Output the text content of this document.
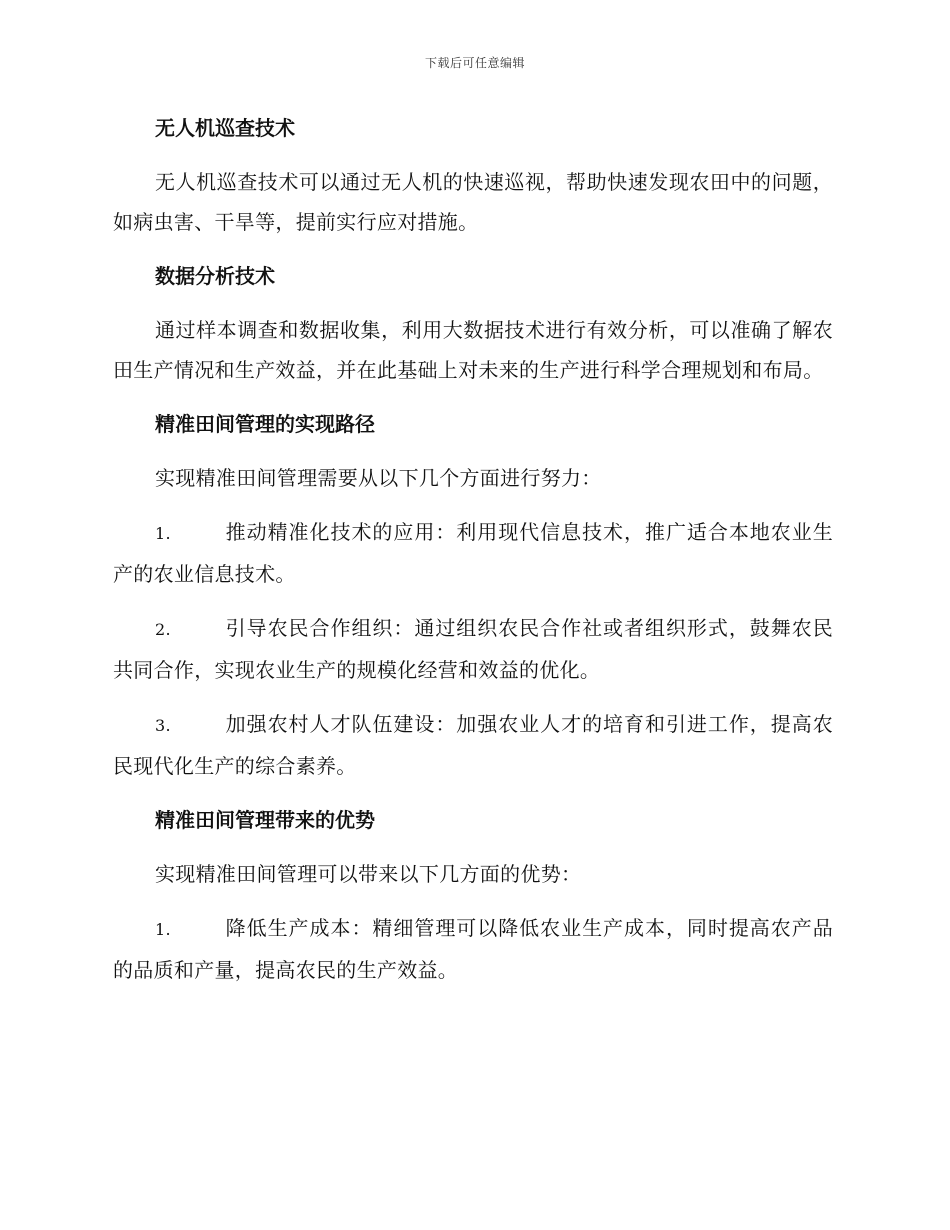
下载后可任意编辑

无人机巡查技术

无人机巡查技术可以通过无人机的快速巡视，帮助快速发现农田中的问题，如病虫害、干旱等，提前实行应对措施。

数据分析技术

通过样本调查和数据收集，利用大数据技术进行有效分析，可以准确了解农田生产情况和生产效益，并在此基础上对未来的生产进行科学合理规划和布局。

精准田间管理的实现路径

实现精准田间管理需要从以下几个方面进行努力：

1.	推动精准化技术的应用：利用现代信息技术，推广适合本地农业生产的农业信息技术。

2.	引导农民合作组织：通过组织农民合作社或者组织形式，鼓舞农民共同合作，实现农业生产的规模化经营和效益的优化。

3.	加强农村人才队伍建设：加强农业人才的培育和引进工作，提高农民现代化生产的综合素养。

精准田间管理带来的优势

实现精准田间管理可以带来以下几方面的优势：

1.	降低生产成本：精细管理可以降低农业生产成本，同时提高农产品的品质和产量，提高农民的生产效益。
